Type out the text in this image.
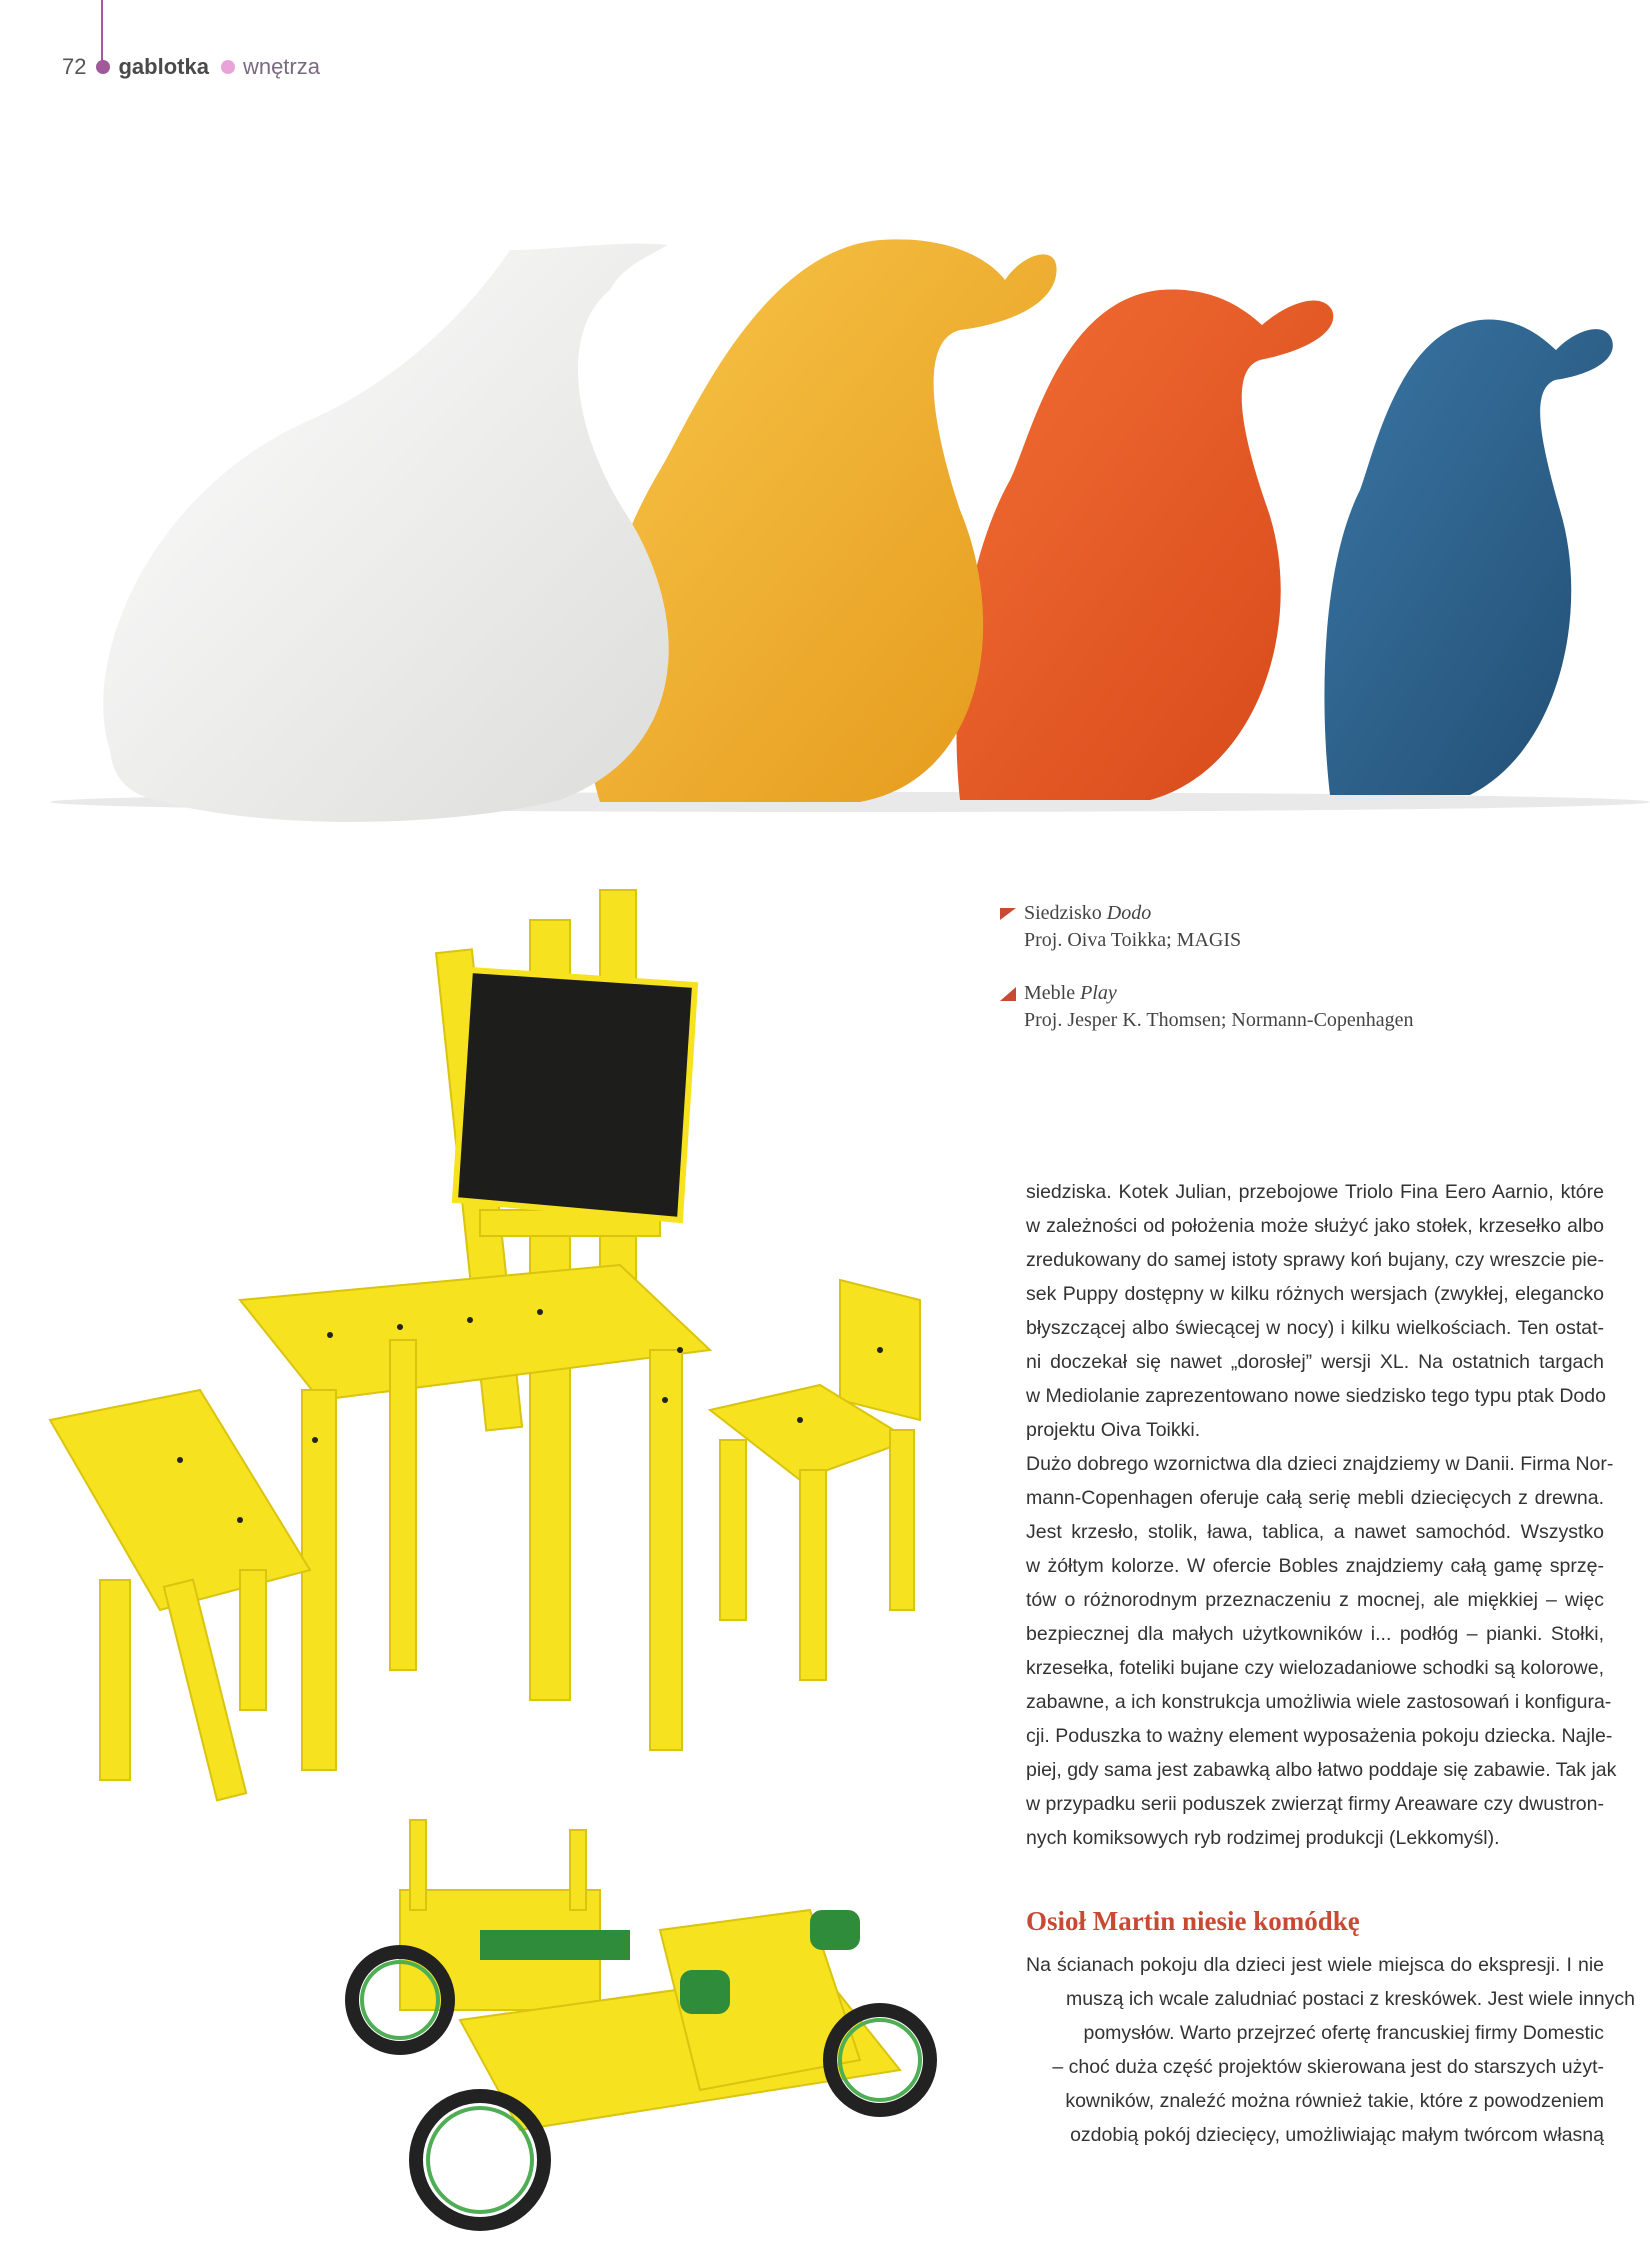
72 gablotka wnętrza
Siedzisko Dodo
Proj. Oiva Toikka; MAGIS
Meble Play
Proj. Jesper K. Thomsen; Normann-Copenhagen
siedziska. Kotek Julian, przebojowe Triolo Fina Eero Aarnio, które
w zależności od położenia może służyć jako stołek, krzesełko albo
zredukowany do samej istoty sprawy koń bujany, czy wreszcie pie-
sek Puppy dostępny w kilku różnych wersjach (zwykłej, elegancko
błyszczącej albo świecącej w nocy) i kilku wielkościach. Ten ostat-
ni doczekał się nawet „dorosłej” wersji XL. Na ostatnich targach
w Mediolanie zaprezentowano nowe siedzisko tego typu ptak Dodo
projektu Oiva Toikki.
Dużo dobrego wzornictwa dla dzieci znajdziemy w Danii. Firma Nor-
mann-Copenhagen oferuje całą serię mebli dziecięcych z drewna.
Jest krzesło, stolik, ława, tablica, a nawet samochód. Wszystko
w żółtym kolorze. W ofercie Bobles znajdziemy całą gamę sprzę-
tów o różnorodnym przeznaczeniu z mocnej, ale miękkiej – więc
bezpiecznej dla małych użytkowników i... podłóg – pianki. Stołki,
krzesełka, foteliki bujane czy wielozadaniowe schodki są kolorowe,
zabawne, a ich konstrukcja umożliwia wiele zastosowań i konfigura-
cji. Poduszka to ważny element wyposażenia pokoju dziecka. Najle-
piej, gdy sama jest zabawką albo łatwo poddaje się zabawie. Tak jak
w przypadku serii poduszek zwierząt firmy Areaware czy dwustron-
nych komiksowych ryb rodzimej produkcji (Lekkomyśl).
Osioł Martin niesie komódkę
Na ścianach pokoju dla dzieci jest wiele miejsca do ekspresji. I nie
muszą ich wcale zaludniać postaci z kreskówek. Jest wiele innych
pomysłów. Warto przejrzeć ofertę francuskiej firmy Domestic
– choć duża część projektów skierowana jest do starszych użyt-
kowników, znaleźć można również takie, które z powodzeniem
ozdobią pokój dziecięcy, umożliwiając małym twórcom własną
